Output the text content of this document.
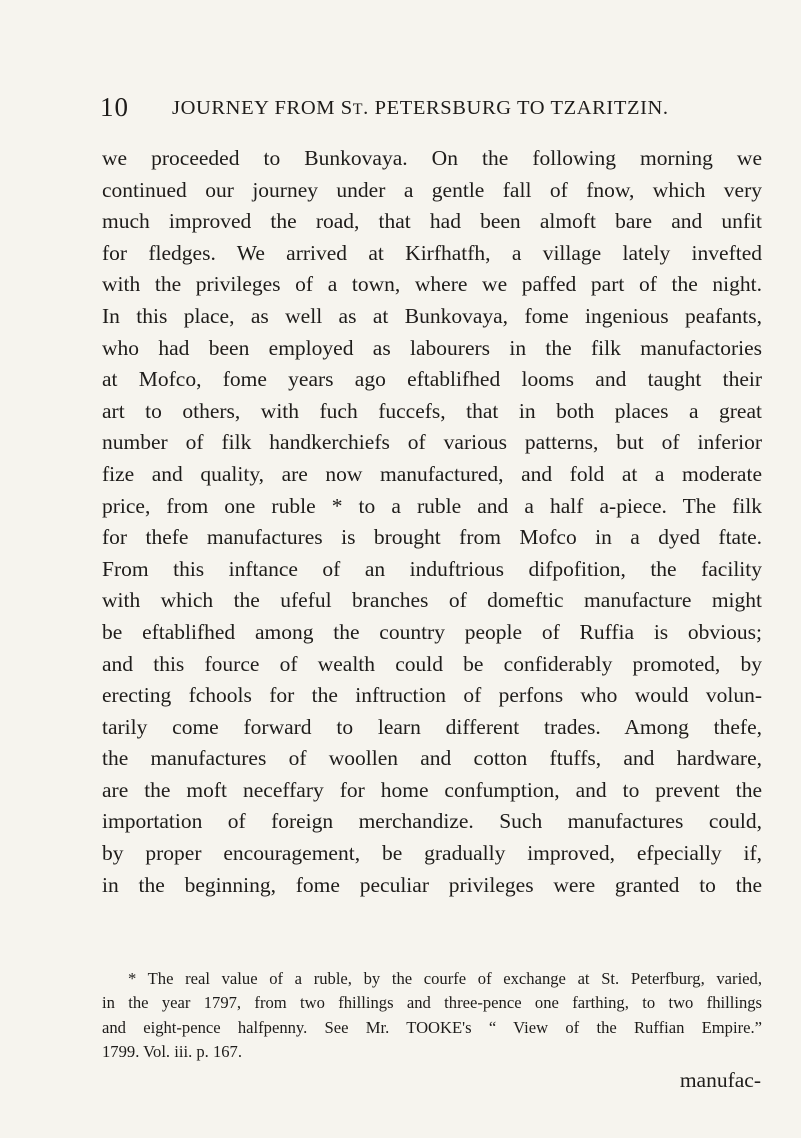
10 JOURNEY FROM ST. PETERSBURG TO TZARITZIN.
we proceeded to Bunkovaya. On the following morning we
continued our journey under a gentle fall of fnow, which very
much improved the road, that had been almoft bare and unfit
for fledges. We arrived at Kirfhatfh, a village lately invefted
with the privileges of a town, where we paffed part of the night.
In this place, as well as at Bunkovaya, fome ingenious peafants,
who had been employed as labourers in the filk manufactories
at Mofco, fome years ago eftablifhed looms and taught their
art to others, with fuch fuccefs, that in both places a great
number of filk handkerchiefs of various patterns, but of inferior
fize and quality, are now manufactured, and fold at a moderate
price, from one ruble * to a ruble and a half a-piece. The filk
for thefe manufactures is brought from Mofco in a dyed ftate.
From this inftance of an induftrious difpofition, the facility
with which the ufeful branches of domeftic manufacture might
be eftablifhed among the country people of Ruffia is obvious;
and this fource of wealth could be confiderably promoted, by
erecting fchools for the inftruction of perfons who would volun-
tarily come forward to learn different trades. Among thefe,
the manufactures of woollen and cotton ftuffs, and hardware,
are the moft neceffary for home confumption, and to prevent the
importation of foreign merchandize. Such manufactures could,
by proper encouragement, be gradually improved, efpecially if,
in the beginning, fome peculiar privileges were granted to the
* The real value of a ruble, by the courfe of exchange at St. Peterfburg, varied,
in the year 1797, from two fhillings and three-pence one farthing, to two fhillings
and eight-pence halfpenny. See Mr. TOOKE's “ View of the Ruffian Empire.”
1799. Vol. iii. p. 167.
manufac-
